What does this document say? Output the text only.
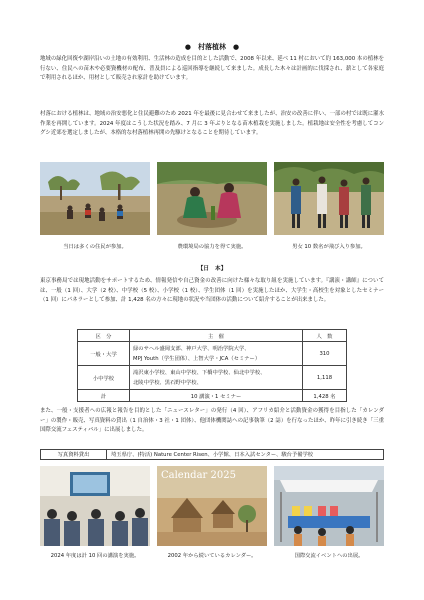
●　村落植林　●
地域の緑化回復や湖岸沿いの土地の有効利用、生活林の造成を目的とした活動で、2008 年以来、延べ 11 村において約 163,000 本の植林を行ない、住民への苗木や必要資機材の配布、普及員による巡回指導を継続して来ました。成長した木々は計画的に伐採され、薪として各家庭で利用されるほか、用材として販売され家計を助けています。
村落における植林は、地域の治安悪化と住民避難のため 2021 年を最後に見合わせて来ましたが、治安の改善に伴い、一部の村では既に灌水作業を再開しています。2024 年度はこうした状況を踏み、7 月に 3 年ぶりとなる苗木植栽を実施しました。植栽地は安全性を考慮してコングシ近郊を選定しましたが、本格的な村落植林再開の先駆けとなることを期待しています。
当日は多くの住民が参加。	農環境局の協力を得て実施。	男女 10 数名が飛び入り参加。
【日　本】
東京事務局では現地活動をサポートするため、情報発信や自己資金の改善に向けた様々な取り組を実施しています。『講演・講師』については、一般（1 回）、大学（2 校）、中学校（5 校）、小学校（1 校）、学生団体（1 回）を実施したほか、大学生・高校生を対象としたセミナー（1 回）にパネラーとして参加、計 1,428 名の方々に現地の状況や当団体の活動について紹介することが出来ました。
区　分	主　催	人　数
一般・大学	緑のサヘル盛岡支部、神戸大学、明治学院大学、
MPJ Youth（学生団体）、上智大学・JCA（セミナー）	310
小中学校	滝沢東小学校、東山中学校、下橋中学校、仙北中学校、
北陵中学校、黒石野中学校、	1,118
計	10 講演・1 セミナー	1,428 名
また、一般・支援者への広報と報告を目的とした「ニュースレター」の発行（4 回）、アフリカ紹介と活動資金の獲得を目指した「カレンダー」の製作・販売、写真資料の貸出（1 自治体・3 社・1 団体）、他団体機関誌への記事執筆（2 誌）を行なったほか、昨年に引き続き「三重国際交流フェスティバル」に出展しました。
写真資料貸出	埼玉県庁、(特活) Nature Center Risen、小学館、日本入試センター、駿台予備学校
Calendar 2025
2024 年度は計 10 回の講演を実施。	2002 年から続いているカレンダー。	国際交流イベントへの出展。
